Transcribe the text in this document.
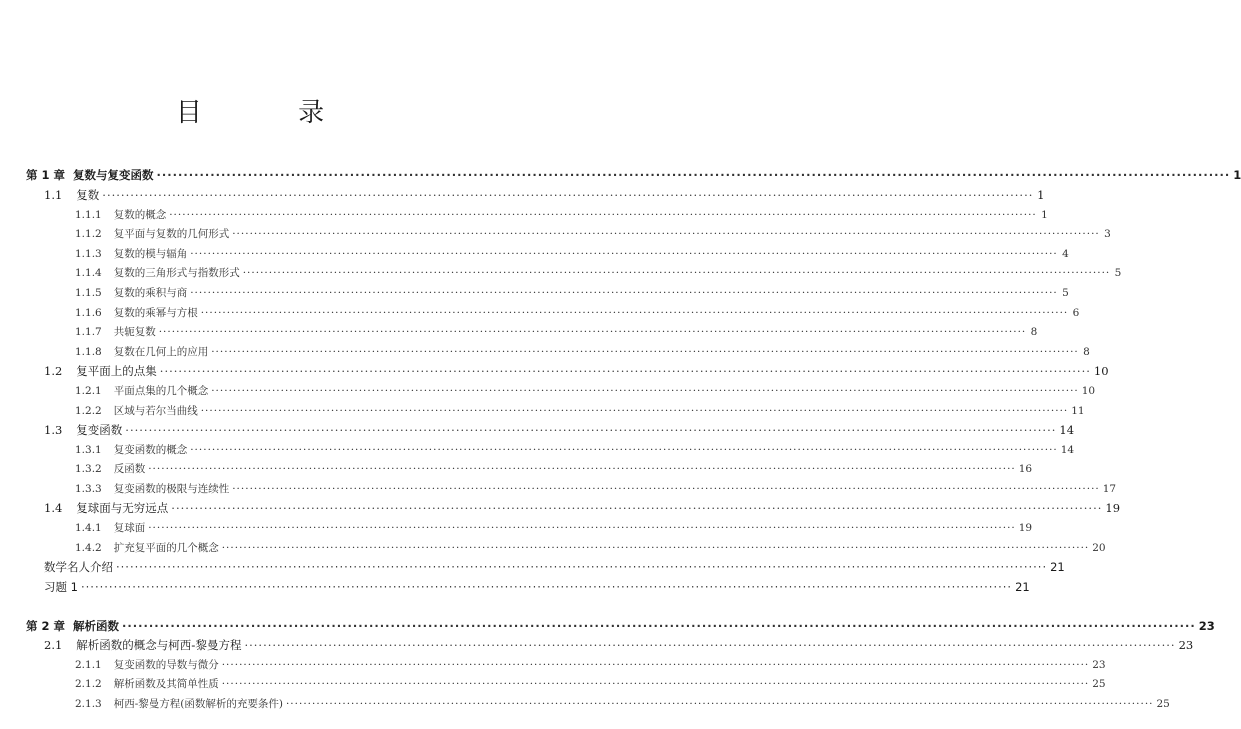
目 录
第 1 章 复数与复变函数 ········································································································································································································ 1
1.1 复数 ········································································································································································································ 1
1.1.1 复数的概念 ········································································································································································································ 1
1.1.2 复平面与复数的几何形式 ········································································································································································································ 3
1.1.3 复数的模与辐角 ········································································································································································································ 4
1.1.4 复数的三角形式与指数形式 ········································································································································································································ 5
1.1.5 复数的乘积与商 ········································································································································································································ 5
1.1.6 复数的乘幂与方根 ········································································································································································································ 6
1.1.7 共轭复数 ········································································································································································································ 8
1.1.8 复数在几何上的应用 ········································································································································································································ 8
1.2 复平面上的点集 ········································································································································································································ 10
1.2.1 平面点集的几个概念 ········································································································································································································ 10
1.2.2 区域与若尔当曲线 ········································································································································································································ 11
1.3 复变函数 ········································································································································································································ 14
1.3.1 复变函数的概念 ········································································································································································································ 14
1.3.2 反函数 ········································································································································································································ 16
1.3.3 复变函数的极限与连续性 ········································································································································································································ 17
1.4 复球面与无穷远点 ········································································································································································································ 19
1.4.1 复球面 ········································································································································································································ 19
1.4.2 扩充复平面的几个概念 ········································································································································································································ 20
数学名人介绍 ········································································································································································································ 21
习题 1 ········································································································································································································ 21
第 2 章 解析函数 ········································································································································································································ 23
2.1 解析函数的概念与柯西-黎曼方程 ········································································································································································································ 23
2.1.1 复变函数的导数与微分 ········································································································································································································ 23
2.1.2 解析函数及其简单性质 ········································································································································································································ 25
2.1.3 柯西-黎曼方程(函数解析的充要条件) ········································································································································································································ 25
